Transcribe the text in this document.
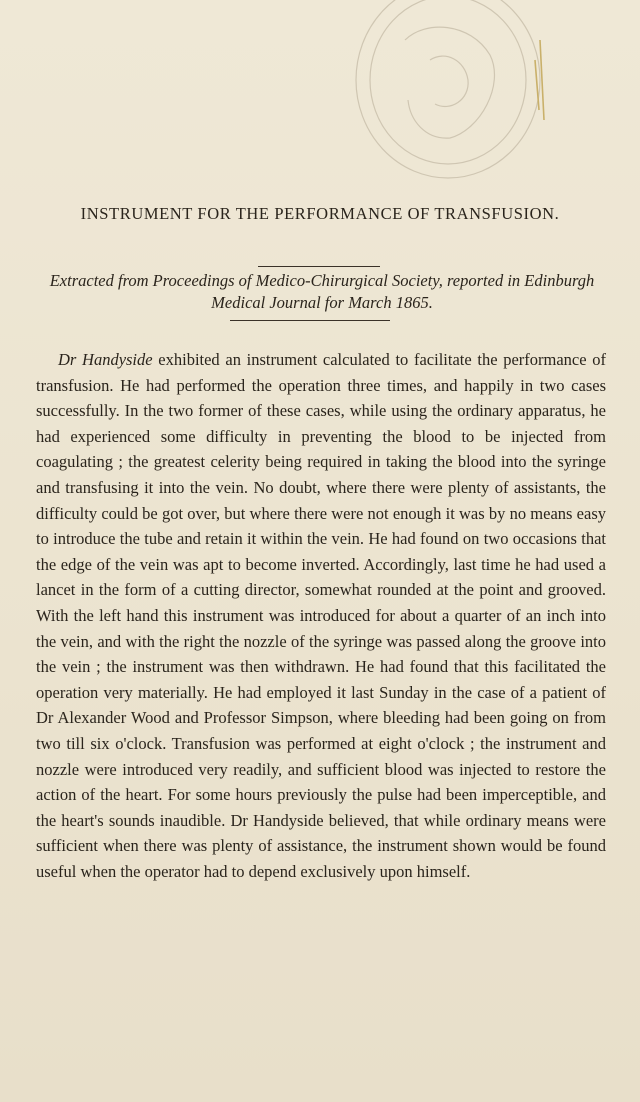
INSTRUMENT FOR THE PERFORMANCE OF TRANSFUSION.
Extracted from Proceedings of Medico-Chirurgical Society, reported in Edinburgh
Medical Journal for March 1865.

Dr Handyside exhibited an instrument calculated to facilitate the performance of transfusion. He had performed the operation three times, and happily in two cases successfully. In the two former of these cases, while using the ordinary apparatus, he had experienced some difficulty in preventing the blood to be injected from coagulating ; the greatest celerity being required in taking the blood into the syringe and transfusing it into the vein. No doubt, where there were plenty of assistants, the difficulty could be got over, but where there were not enough it was by no means easy to introduce the tube and retain it within the vein. He had found on two occasions that the edge of the vein was apt to become inverted. Accordingly, last time he had used a lancet in the form of a cutting director, somewhat rounded at the point and grooved. With the left hand this instrument was introduced for about a quarter of an inch into the vein, and with the right the nozzle of the syringe was passed along the groove into the vein ; the instrument was then withdrawn. He had found that this facilitated the operation very materially. He had employed it last Sunday in the case of a patient of Dr Alexander Wood and Professor Simpson, where bleeding had been going on from two till six o'clock. Transfusion was performed at eight o'clock ; the instrument and nozzle were introduced very readily, and sufficient blood was injected to restore the action of the heart. For some hours previously the pulse had been imperceptible, and the heart's sounds inaudible. Dr Handyside believed, that while ordinary means were sufficient when there was plenty of assistance, the instrument shown would be found useful when the operator had to depend exclusively upon himself.
